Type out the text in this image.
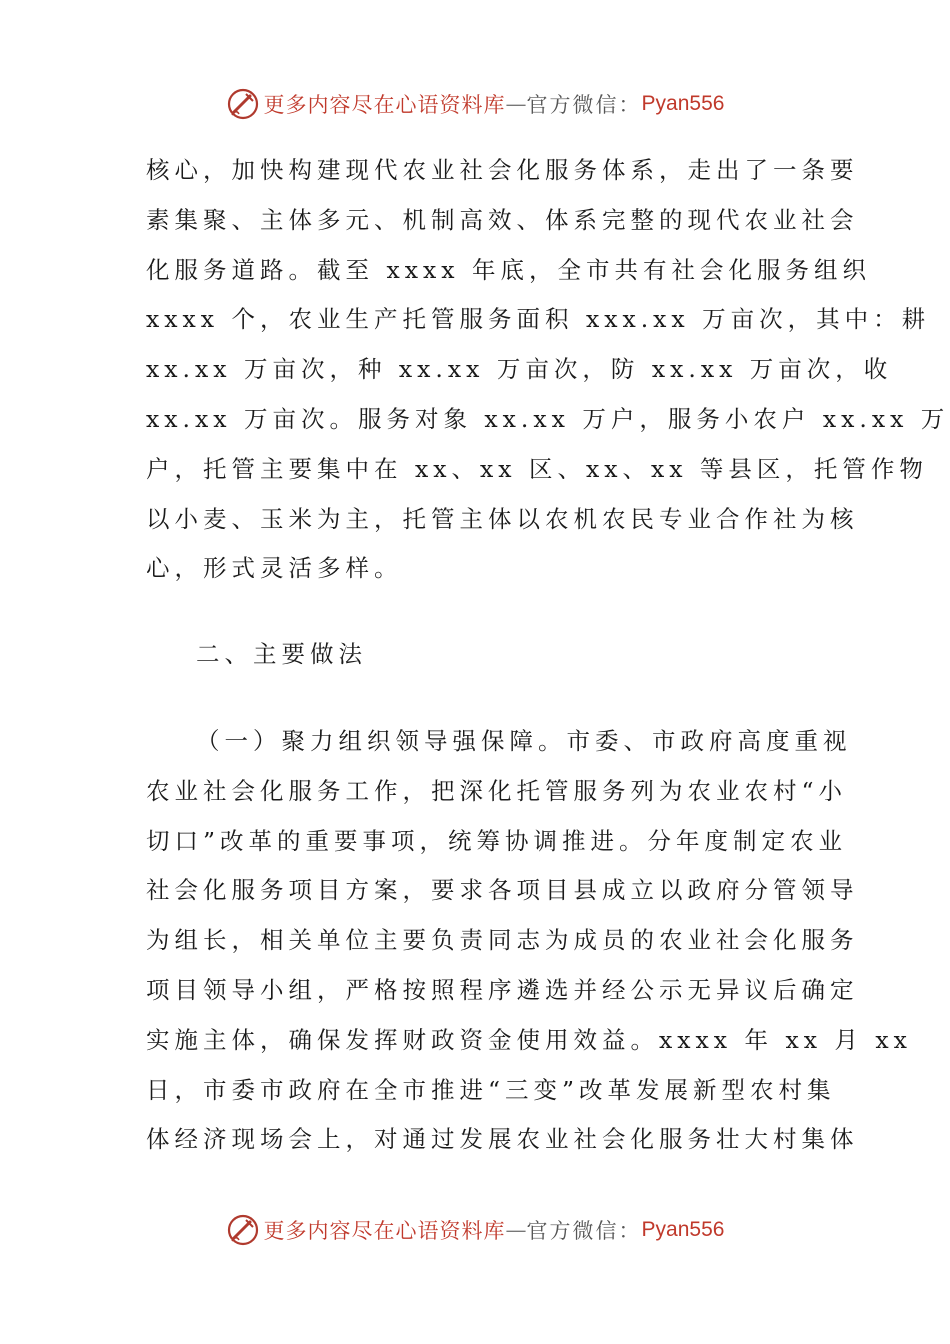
更多内容尽在心语资料库 — 官方微信： Pyan556
核心，加快构建现代农业社会化服务体系，走出了一条要
素集聚、主体多元、机制高效、体系完整的现代农业社会
化服务道路。截至 xxxx 年底，全市共有社会化服务组织
xxxx 个，农业生产托管服务面积 xxx.xx 万亩次，其中：耕
xx.xx 万亩次，种 xx.xx 万亩次，防 xx.xx 万亩次，收
xx.xx 万亩次。服务对象 xx.xx 万户，服务小农户 xx.xx 万
户，托管主要集中在 xx、xx 区、xx、xx 等县区，托管作物
以小麦、玉米为主，托管主体以农机农民专业合作社为核
心，形式灵活多样。
二、主要做法
（一）聚力组织领导强保障。市委、市政府高度重视
农业社会化服务工作，把深化托管服务列为农业农村“小
切口”改革的重要事项，统筹协调推进。分年度制定农业
社会化服务项目方案，要求各项目县成立以政府分管领导
为组长，相关单位主要负责同志为成员的农业社会化服务
项目领导小组，严格按照程序遴选并经公示无异议后确定
实施主体，确保发挥财政资金使用效益。xxxx 年 xx 月 xx
日，市委市政府在全市推进“三变”改革发展新型农村集
体经济现场会上，对通过发展农业社会化服务壮大村集体
更多内容尽在心语资料库 — 官方微信： Pyan556
